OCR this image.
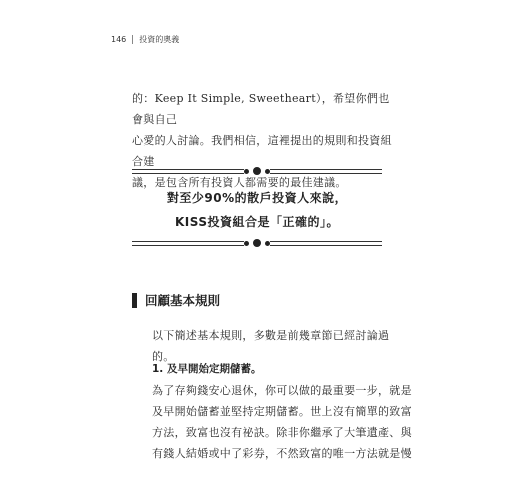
146 投資的奧義
的：Keep It Simple, Sweetheart），希望你們也會與自己
心愛的人討論。我們相信，這裡提出的規則和投資組合建
議，是包含所有投資人都需要的最佳建議。
對至少90%的散戶投資人來說，
KISS投資組合是「正確的」。
回顧基本規則
以下簡述基本規則，多數是前幾章節已經討論過的。
1. 及早開始定期儲蓄。
為了存夠錢安心退休，你可以做的最重要一步，就是
及早開始儲蓄並堅持定期儲蓄。世上沒有簡單的致富
方法，致富也沒有祕訣。除非你繼承了大筆遺產、與
有錢人結婚或中了彩券，不然致富的唯一方法就是慢
